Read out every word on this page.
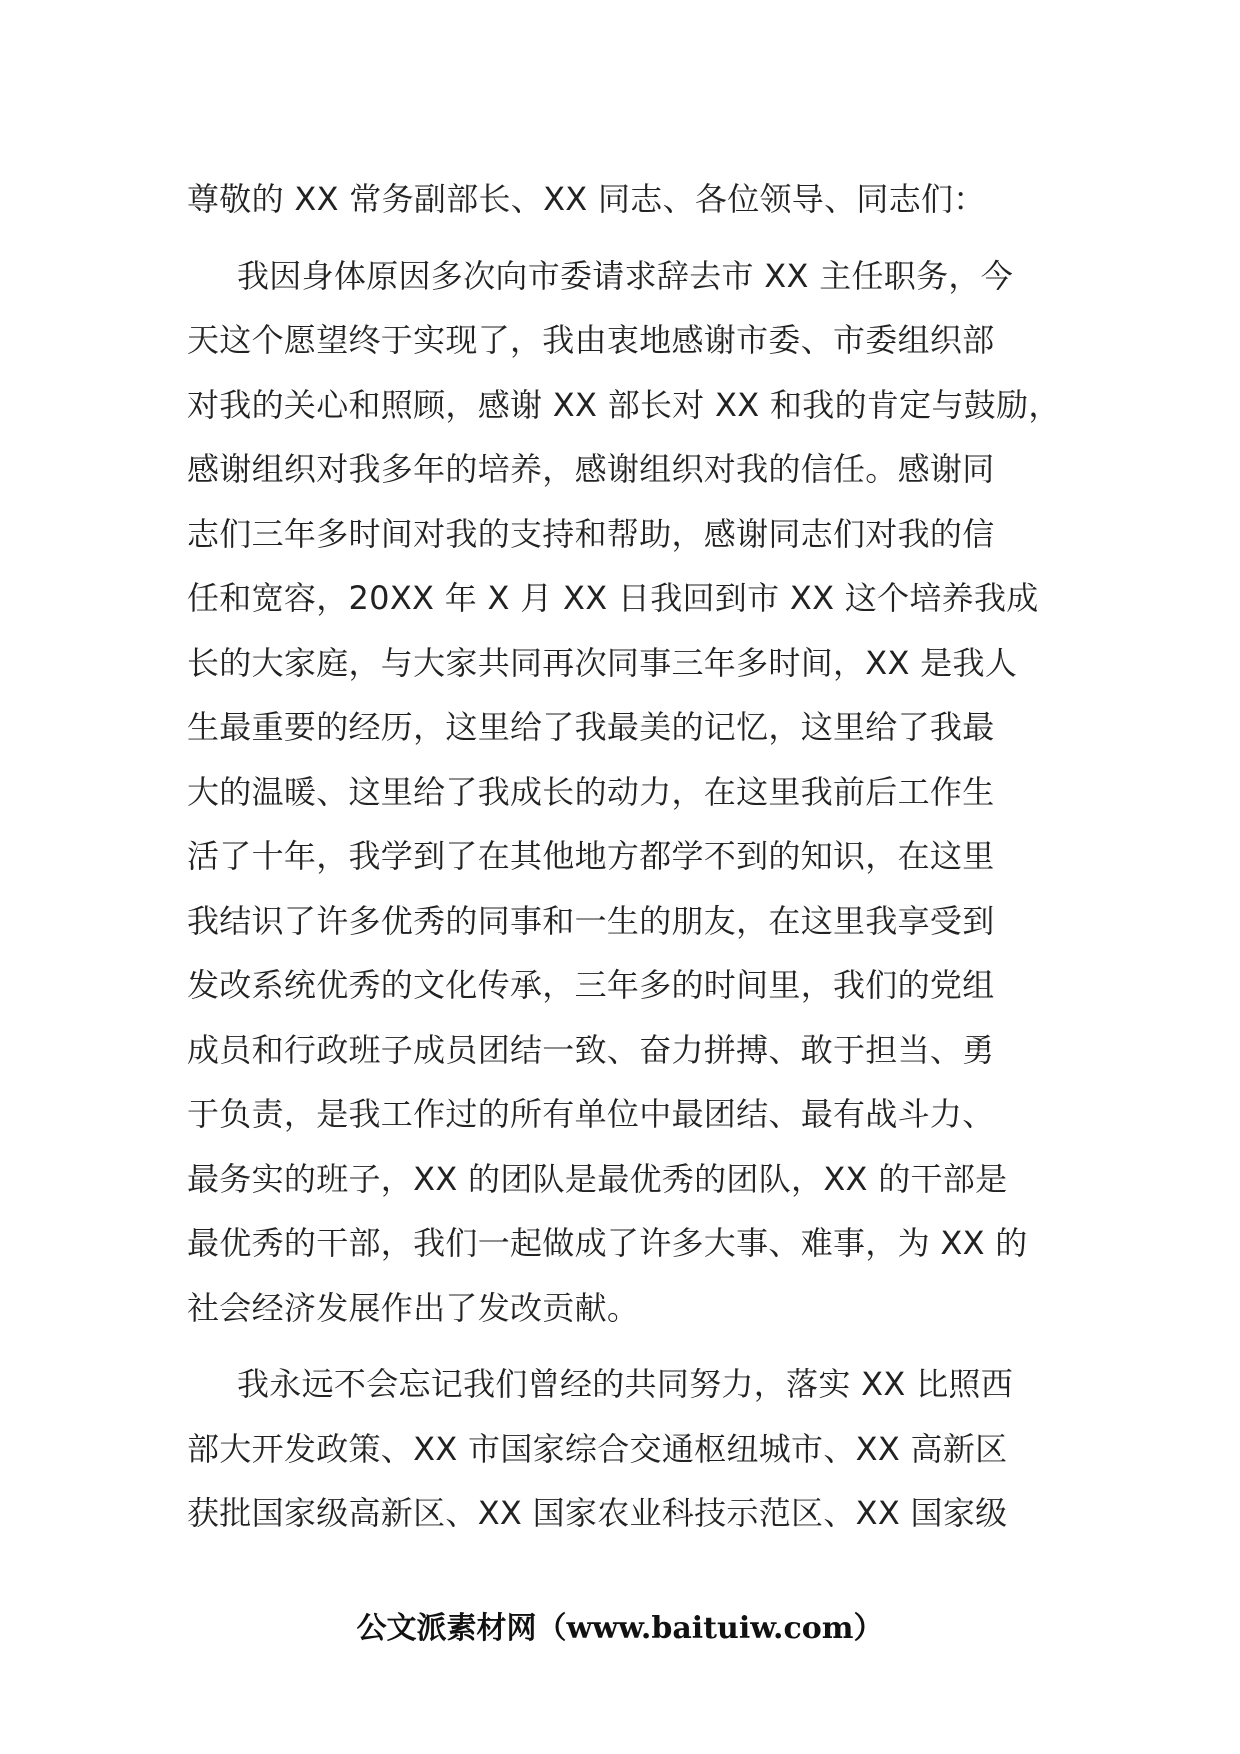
尊敬的 XX 常务副部长、XX 同志、各位领导、同志们：
我因身体原因多次向市委请求辞去市 XX 主任职务，今
天这个愿望终于实现了，我由衷地感谢市委、市委组织部
对我的关心和照顾，感谢 XX 部长对 XX 和我的肯定与鼓励，
感谢组织对我多年的培养，感谢组织对我的信任。感谢同
志们三年多时间对我的支持和帮助，感谢同志们对我的信
任和宽容，20XX 年 X 月 XX 日我回到市 XX 这个培养我成
长的大家庭，与大家共同再次同事三年多时间，XX 是我人
生最重要的经历，这里给了我最美的记忆，这里给了我最
大的温暖、这里给了我成长的动力，在这里我前后工作生
活了十年，我学到了在其他地方都学不到的知识，在这里
我结识了许多优秀的同事和一生的朋友，在这里我享受到
发改系统优秀的文化传承，三年多的时间里，我们的党组
成员和行政班子成员团结一致、奋力拼搏、敢于担当、勇
于负责，是我工作过的所有单位中最团结、最有战斗力、
最务实的班子，XX 的团队是最优秀的团队，XX 的干部是
最优秀的干部，我们一起做成了许多大事、难事，为 XX 的
社会经济发展作出了发改贡献。
我永远不会忘记我们曾经的共同努力，落实 XX 比照西
部大开发政策、XX 市国家综合交通枢纽城市、XX 高新区
获批国家级高新区、XX 国家农业科技示范区、XX 国家级
公文派素材网（www.baituiw.com）
